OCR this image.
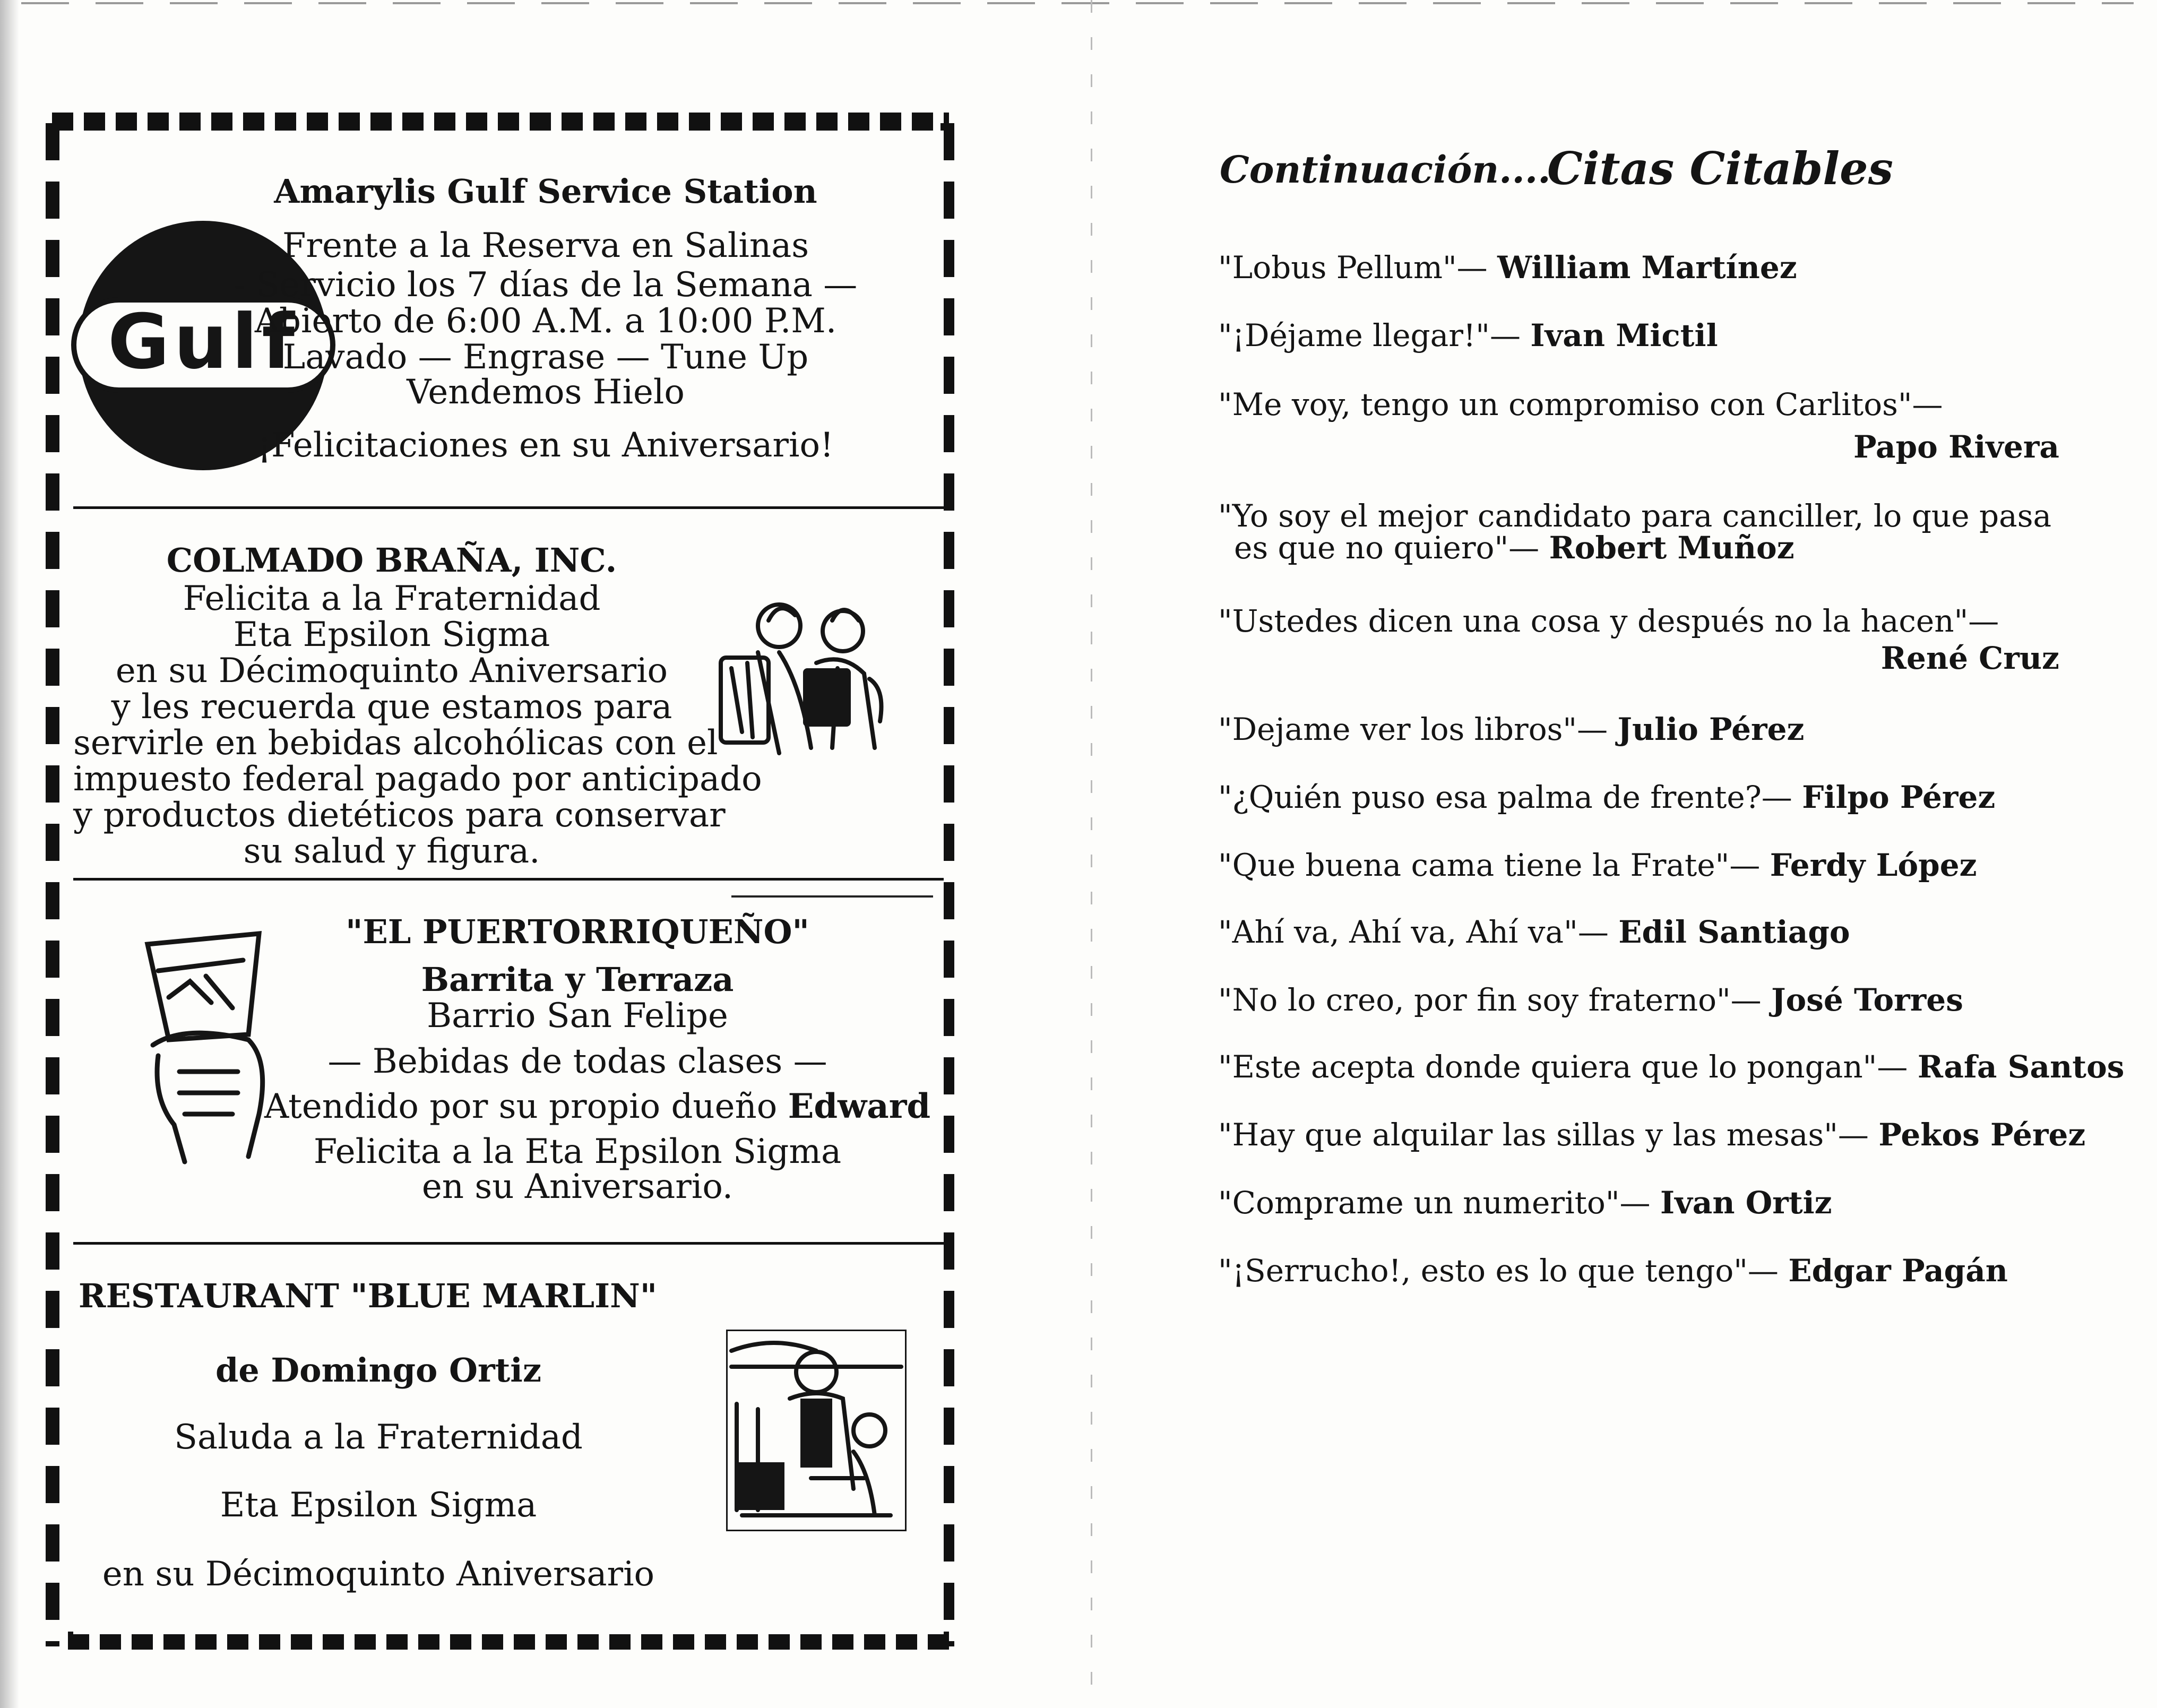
Gulf
Amarylis Gulf Service Station
Frente a la Reserva en Salinas
- Servicio los 7 días de la Semana —
Abierto de 6:00 A.M. a 10:00 P.M.
Lavado — Engrase — Tune Up
Vendemos Hielo
¡Felicitaciones en su Aniversario!
COLMADO BRAÑA, INC.
Felicita a la Fraternidad
Eta Epsilon Sigma
en su Décimoquinto Aniversario
y les recuerda que estamos para
servirle en bebidas alcohólicas con el
impuesto federal pagado por anticipado
y productos dietéticos para conservar
su salud y figura.
"EL PUERTORRIQUEÑO"
Barrita y Terraza
Barrio San Felipe
— Bebidas de todas clases —
Atendido por su propio dueño Edward
Felicita a la Eta Epsilon Sigma
en su Aniversario.
RESTAURANT "BLUE MARLIN"
de Domingo Ortiz
Saluda a la Fraternidad
Eta Epsilon Sigma
en su Décimoquinto Aniversario
Continuación....
Citas Citables
"Lobus Pellum"— William Martínez
"¡Déjame llegar!"— Ivan Mictil
"Me voy, tengo un compromiso con Carlitos"—
Papo Rivera
"Yo soy el mejor candidato para canciller, lo que pasa
es que no quiero"— Robert Muñoz
"Ustedes dicen una cosa y después no la hacen"—
René Cruz
"Dejame ver los libros"— Julio Pérez
"¿Quién puso esa palma de frente?— Filpo Pérez
"Que buena cama tiene la Frate"— Ferdy López
"Ahí va, Ahí va, Ahí va"— Edil Santiago
"No lo creo, por fin soy fraterno"— José Torres
"Este acepta donde quiera que lo pongan"— Rafa Santos
"Hay que alquilar las sillas y las mesas"— Pekos Pérez
"Comprame un numerito"— Ivan Ortiz
"¡Serrucho!, esto es lo que tengo"— Edgar Pagán
